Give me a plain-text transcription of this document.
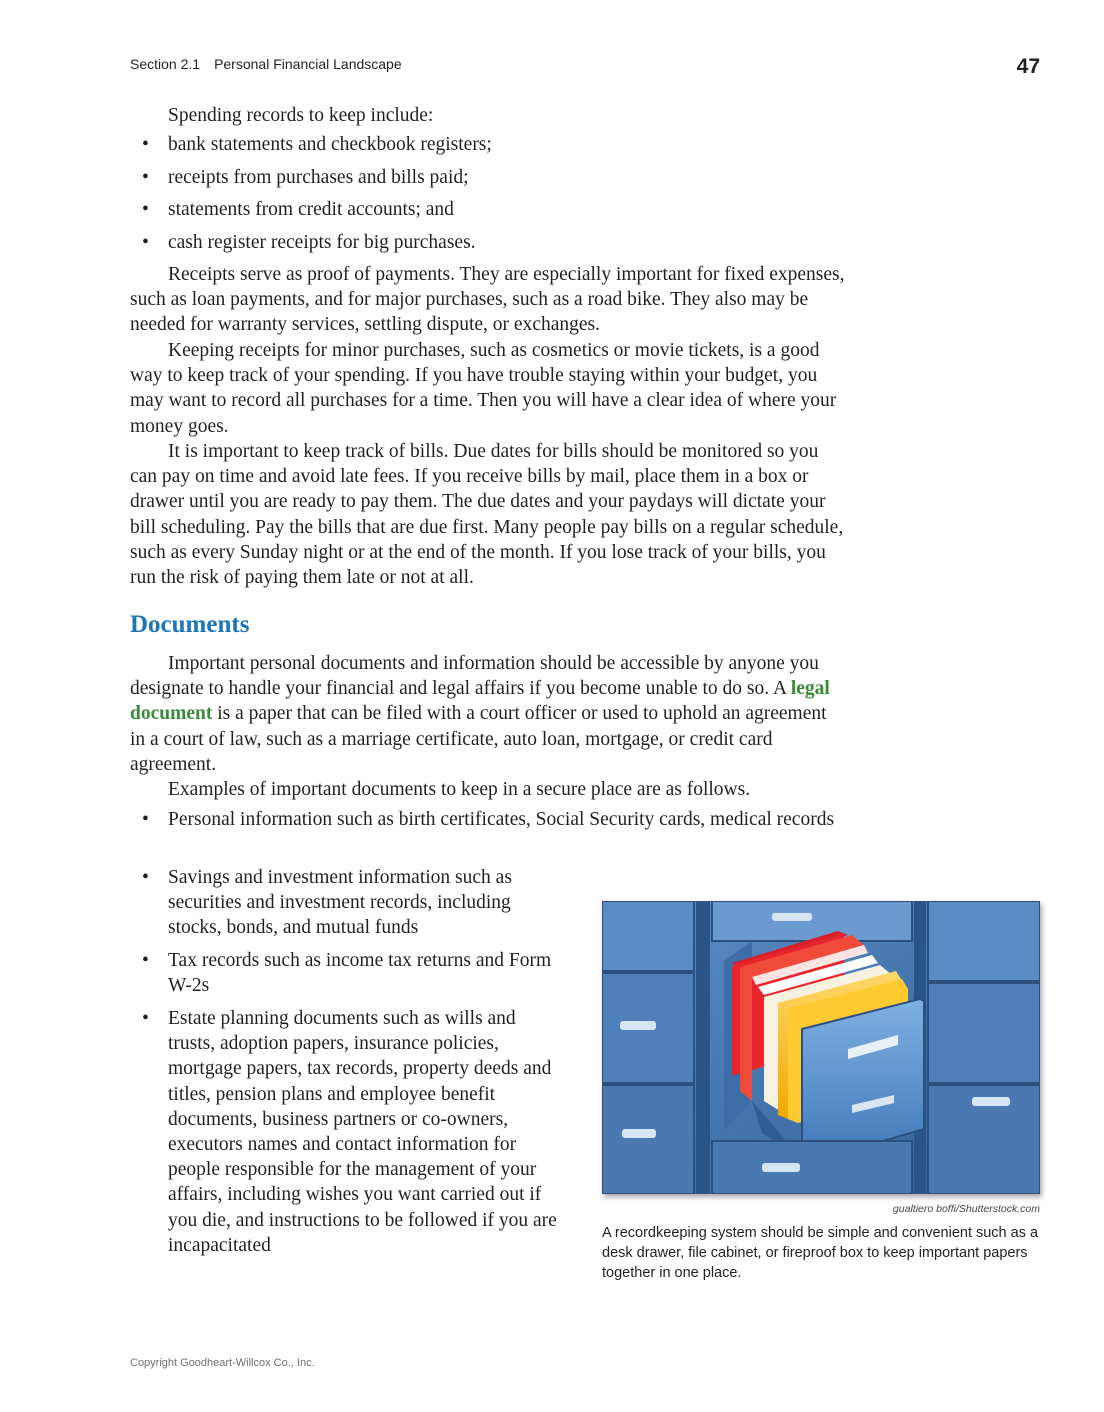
Section 2.1 Personal Financial Landscape	47

Spending records to keep include:

• bank statements and checkbook registers;
• receipts from purchases and bills paid;
• statements from credit accounts; and
• cash register receipts for big purchases.

Receipts serve as proof of payments. They are especially important for fixed expenses, such as loan payments, and for major purchases, such as a road bike. They also may be needed for warranty services, settling dispute, or exchanges.

Keeping receipts for minor purchases, such as cosmetics or movie tickets, is a good way to keep track of your spending. If you have trouble staying within your budget, you may want to record all purchases for a time. Then you will have a clear idea of where your money goes.

It is important to keep track of bills. Due dates for bills should be monitored so you can pay on time and avoid late fees. If you receive bills by mail, place them in a box or drawer until you are ready to pay them. The due dates and your paydays will dictate your bill scheduling. Pay the bills that are due first. Many people pay bills on a regular schedule, such as every Sunday night or at the end of the month. If you lose track of your bills, you run the risk of paying them late or not at all.

Documents

Important personal documents and information should be accessible by anyone you designate to handle your financial and legal affairs if you become unable to do so. A legal document is a paper that can be filed with a court officer or used to uphold an agreement in a court of law, such as a marriage certificate, auto loan, mortgage, or credit card agreement.

Examples of important documents to keep in a secure place are as follows.

• Personal information such as birth certificates, Social Security cards, medical records
• Savings and investment information such as securities and investment records, including stocks, bonds, and mutual funds
• Tax records such as income tax returns and Form W-2s
• Estate planning documents such as wills and trusts, adoption papers, insurance policies, mortgage papers, tax records, property deeds and titles, pension plans and employee benefit documents, business partners or co-owners, executors names and contact information for people responsible for the management of your affairs, including wishes you want carried out if you die, and instructions to be followed if you are incapacitated
gualtiero boffi/Shutterstock.com

A recordkeeping system should be simple and convenient such as a desk drawer, file cabinet, or fireproof box to keep important papers together in one place.

Copyright Goodheart-Willcox Co., Inc.
